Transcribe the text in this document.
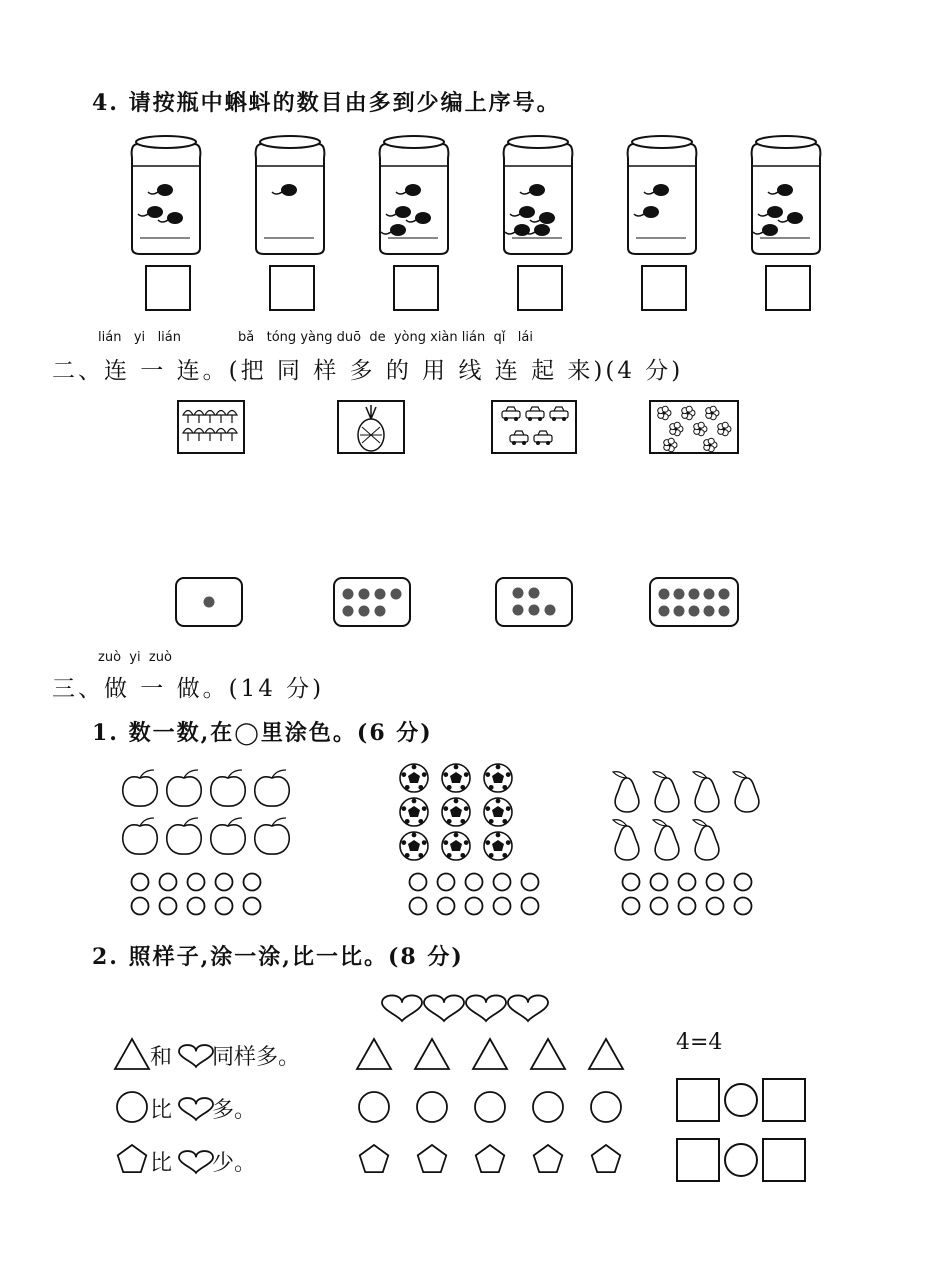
4. 请按瓶中蝌蚪的数目由多到少编上序号。
lián yi lián	bǎ tóng yàng duō de yòng xiàn lián qǐ lái
二、连 一 连。(把 同 样 多 的 用 线 连 起 来)(4 分)
zuò yi zuò
三、做 一 做。(14 分)
1. 数一数,在◯里涂色。(6 分)
2. 照样子,涂一涂,比一比。(8 分)
和 同样多。
比 多。
比 少。
4=4
